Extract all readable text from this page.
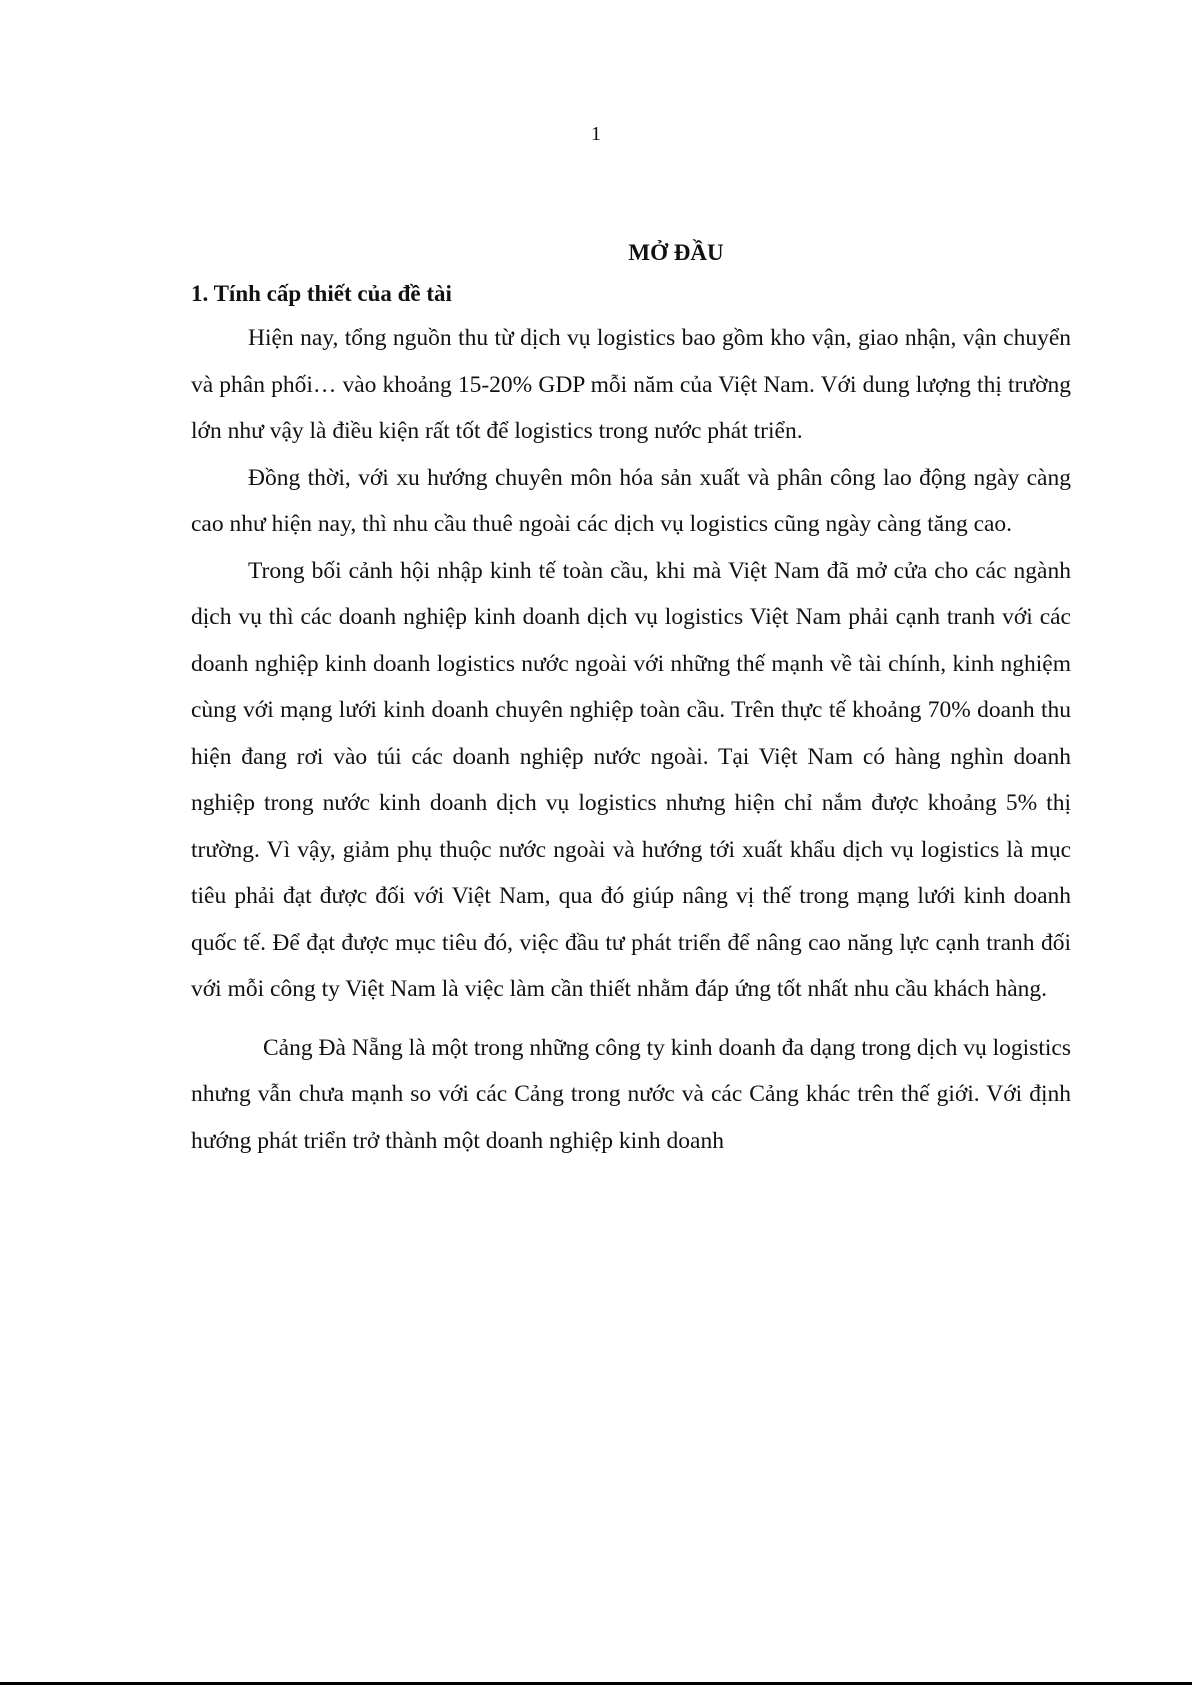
1
MỞ ĐẦU
1. Tính cấp thiết của đề tài

Hiện nay, tổng nguồn thu từ dịch vụ logistics bao gồm kho vận, giao nhận, vận chuyển và phân phối… vào khoảng 15-20% GDP mỗi năm của Việt Nam. Với dung lượng thị trường lớn như vậy là điều kiện rất tốt để logistics trong nước phát triển.

Đồng thời, với xu hướng chuyên môn hóa sản xuất và phân công lao động ngày càng cao như hiện nay, thì nhu cầu thuê ngoài các dịch vụ logistics cũng ngày càng tăng cao.

Trong bối cảnh hội nhập kinh tế toàn cầu, khi mà Việt Nam đã mở cửa cho các ngành dịch vụ thì các doanh nghiệp kinh doanh dịch vụ logistics Việt Nam phải cạnh tranh với các doanh nghiệp kinh doanh logistics nước ngoài với những thế mạnh về tài chính, kinh nghiệm cùng với mạng lưới kinh doanh chuyên nghiệp toàn cầu. Trên thực tế khoảng 70% doanh thu hiện đang rơi vào túi các doanh nghiệp nước ngoài. Tại Việt Nam có hàng nghìn doanh nghiệp trong nước kinh doanh dịch vụ logistics nhưng hiện chỉ nắm được khoảng 5% thị trường. Vì vậy, giảm phụ thuộc nước ngoài và hướng tới xuất khẩu dịch vụ logistics là mục tiêu phải đạt được đối với Việt Nam, qua đó giúp nâng vị thế trong mạng lưới kinh doanh quốc tế. Để đạt được mục tiêu đó, việc đầu tư phát triển để nâng cao năng lực cạnh tranh đối với mỗi công ty Việt Nam là việc làm cần thiết nhằm đáp ứng tốt nhất nhu cầu khách hàng.

Cảng Đà Nẵng là một trong những công ty kinh doanh đa dạng trong dịch vụ logistics nhưng vẫn chưa mạnh so với các Cảng trong nước và các Cảng khác trên thế giới. Với định hướng phát triển trở thành một doanh nghiệp kinh doanh
